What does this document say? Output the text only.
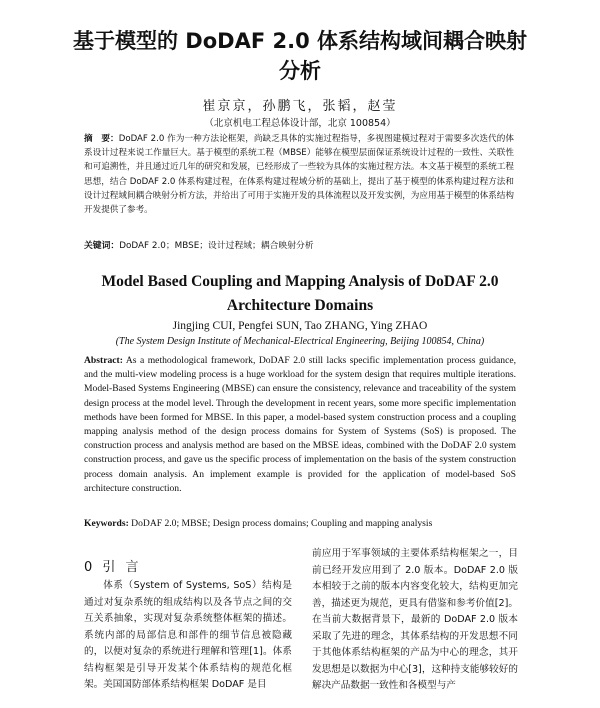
基于模型的 DoDAF 2.0 体系结构域间耦合映射分析
崔京京，孙鹏飞，张韬，赵莹
（北京机电工程总体设计部，北京 100854）
摘　要：DoDAF 2.0 作为一种方法论框架，尚缺乏具体的实施过程指导，多视图建模过程对于需要多次迭代的体系设计过程来说工作量巨大。基于模型的系统工程（MBSE）能够在模型层面保证系统设计过程的一致性、关联性和可追溯性，并且通过近几年的研究和发展，已经形成了一些较为具体的实施过程方法。本文基于模型的系统工程思想，结合 DoDAF 2.0 体系构建过程，在体系构建过程域分析的基础上，提出了基于模型的体系构建过程方法和设计过程域间耦合映射分析方法，并给出了可用于实施开发的具体流程以及开发实例，为应用基于模型的体系结构开发提供了参考。
关键词：DoDAF 2.0；MBSE；设计过程域；耦合映射分析
Model Based Coupling and Mapping Analysis of DoDAF 2.0 Architecture Domains
Jingjing CUI, Pengfei SUN, Tao ZHANG, Ying ZHAO
(The System Design Institute of Mechanical-Electrical Engineering, Beijing 100854, China)
Abstract: As a methodological framework, DoDAF 2.0 still lacks specific implementation process guidance, and the multi-view modeling process is a huge workload for the system design that requires multiple iterations. Model-Based Systems Engineering (MBSE) can ensure the consistency, relevance and traceability of the system design process at the model level. Through the development in recent years, some more specific implementation methods have been formed for MBSE. In this paper, a model-based system construction process and a coupling mapping analysis method of the design process domains for System of Systems (SoS) is proposed. The construction process and analysis method are based on the MBSE ideas, combined with the DoDAF 2.0 system construction process, and gave us the specific process of implementation on the basis of the system construction process domain analysis. An implement example is provided for the application of model-based SoS architecture construction.
Keywords: DoDAF 2.0; MBSE; Design process domains; Coupling and mapping analysis
0 引 言
体系（System of Systems, SoS）结构是通过对复杂系统的组成结构以及各节点之间的交互关系抽象，实现对复杂系统整体框架的描述。系统内部的局部信息和部件的细节信息被隐藏的，以便对复杂的系统进行理解和管理[1]。体系结构框架是引导开发某个体系结构的规范化框架。美国国防部体系结构框架 DoDAF 是目
前应用于军事领域的主要体系结构框架之一，目前已经开发应用到了 2.0 版本。DoDAF 2.0 版本相较于之前的版本内容变化较大，结构更加完善，描述更为规范，更具有借鉴和参考价值[2]。在当前大数据背景下，最新的 DoDAF 2.0 版本采取了先进的理念，其体系结构的开发思想不同于其他体系结构框架的产品为中心的理念，其开发思想是以数据为中心[3]，这种持支能够较好的解决产品数据一致性和各模型与产
